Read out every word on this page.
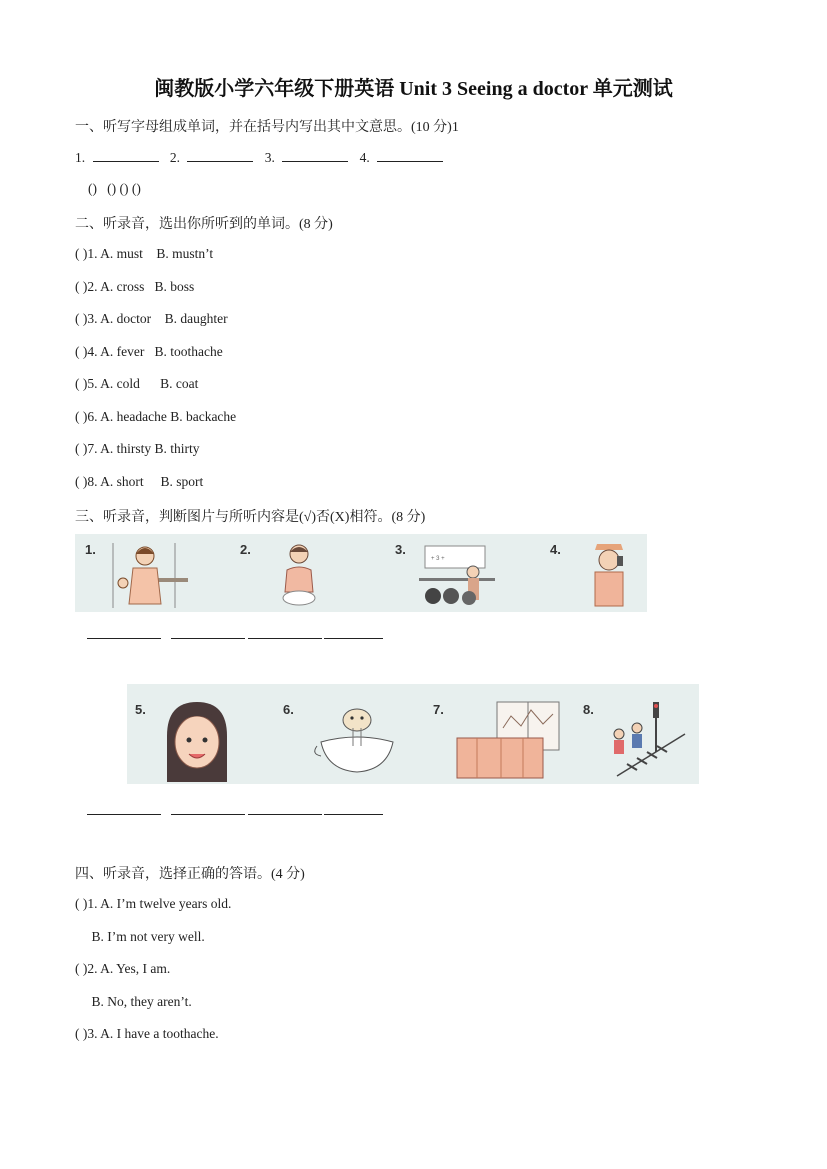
闽教版小学六年级下册英语 Unit 3 Seeing a doctor 单元测试
一、听写字母组成单词，并在括号内写出其中文意思。(10 分)1
1.	2.	3.	4.
()   () () ()
二、听录音，选出你所听到的单词。(8 分)
( )1. A. must    B. mustn’t
( )2. A. cross   B. boss
( )3. A. doctor    B. daughter
( )4. A. fever   B. toothache
( )5. A. cold      B. coat
( )6. A. headache B. backache
( )7. A. thirsty B. thirty
( )8. A. short     B. sport
三、听录音，判断图片与所听内容是(√)否(X)相符。(8 分)
1.	2.	3.	4.
+ 3 +
5.	6.	7.	8.
四、听录音，选择正确的答语。(4 分)
( )1. A. I’m twelve years old.
B. I’m not very well.
( )2. A. Yes, I am.
B. No, they aren’t.
( )3. A. I have a toothache.
